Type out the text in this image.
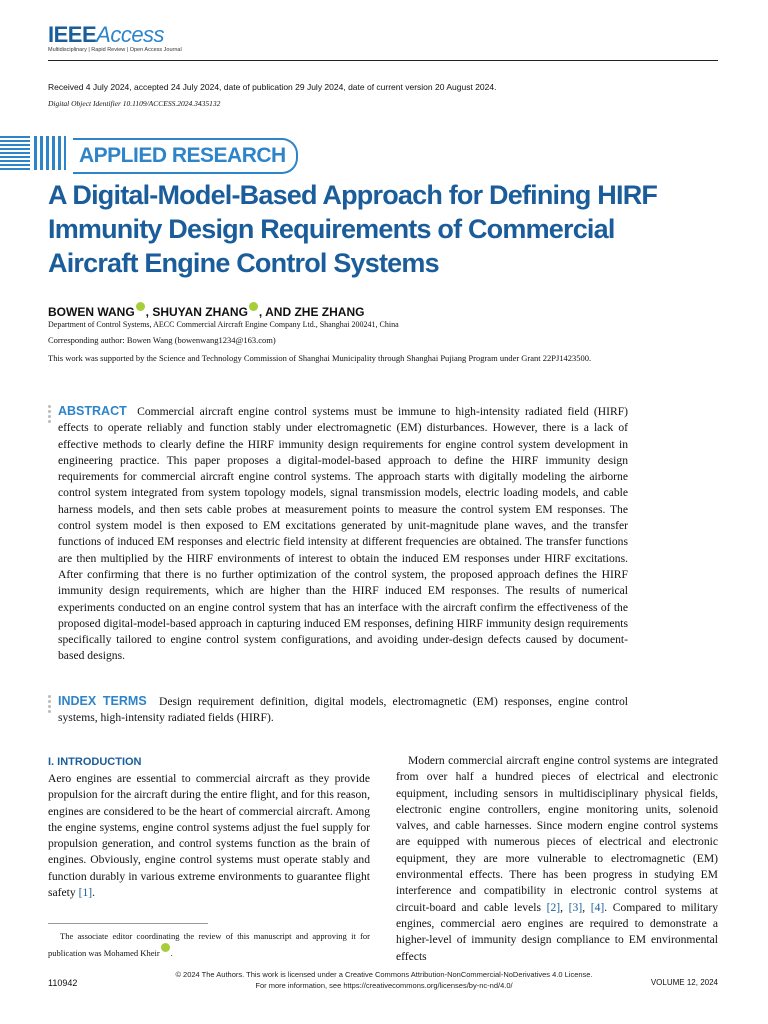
IEEEAccess
Multidisciplinary | Rapid Review | Open Access Journal
Received 4 July 2024, accepted 24 July 2024, date of publication 29 July 2024, date of current version 20 August 2024.
Digital Object Identifier 10.1109/ACCESS.2024.3435132
APPLIED RESEARCH
A Digital-Model-Based Approach for Defining HIRF Immunity Design Requirements of Commercial Aircraft Engine Control Systems
BOWEN WANG , SHUYAN ZHANG , AND ZHE ZHANG
Department of Control Systems, AECC Commercial Aircraft Engine Company Ltd., Shanghai 200241, China
Corresponding author: Bowen Wang (bowenwang1234@163.com)
This work was supported by the Science and Technology Commission of Shanghai Municipality through Shanghai Pujiang Program under Grant 22PJ1423500.
ABSTRACT Commercial aircraft engine control systems must be immune to high-intensity radiated field (HIRF) effects to operate reliably and function stably under electromagnetic (EM) disturbances. However, there is a lack of effective methods to clearly define the HIRF immunity design requirements for engine control system development in engineering practice. This paper proposes a digital-model-based approach to define the HIRF immunity design requirements for commercial aircraft engine control systems. The approach starts with digitally modeling the airborne control system integrated from system topology models, signal transmission models, electric loading models, and cable harness models, and then sets cable probes at measurement points to measure the control system EM responses. The control system model is then exposed to EM excitations generated by unit-magnitude plane waves, and the transfer functions of induced EM responses and electric field intensity at different frequencies are obtained. The transfer functions are then multiplied by the HIRF environments of interest to obtain the induced EM responses under HIRF excitations. After confirming that there is no further optimization of the control system, the proposed approach defines the HIRF immunity design requirements, which are higher than the HIRF induced EM responses. The results of numerical experiments conducted on an engine control system that has an interface with the aircraft confirm the effectiveness of the proposed digital-model-based approach in capturing induced EM responses, defining HIRF immunity design requirements specifically tailored to engine control system configurations, and avoiding under-design defects caused by document-based designs.
INDEX TERMS Design requirement definition, digital models, electromagnetic (EM) responses, engine control systems, high-intensity radiated fields (HIRF).
I. INTRODUCTION
Aero engines are essential to commercial aircraft as they provide propulsion for the aircraft during the entire flight, and for this reason, engines are considered to be the heart of commercial aircraft. Among the engine systems, engine control systems adjust the fuel supply for propulsion generation, and control systems function as the brain of engines. Obviously, engine control systems must operate stably and function durably in various extreme environments to guarantee flight safety [1].
The associate editor coordinating the review of this manuscript and approving it for publication was Mohamed Kheir .
Modern commercial aircraft engine control systems are integrated from over half a hundred pieces of electrical and electronic equipment, including sensors in multidisciplinary physical fields, electronic engine controllers, engine monitoring units, solenoid valves, and cable harnesses. Since modern engine control systems are equipped with numerous pieces of electrical and electronic equipment, they are more vulnerable to electromagnetic (EM) environmental effects. There has been progress in studying EM interference and compatibility in electronic control systems at circuit-board and cable levels [2], [3], [4]. Compared to military engines, commercial aero engines are required to demonstrate a higher-level of immunity design compliance to EM environmental effects
© 2024 The Authors. This work is licensed under a Creative Commons Attribution-NonCommercial-NoDerivatives 4.0 License.
For more information, see https://creativecommons.org/licenses/by-nc-nd/4.0/
110942	VOLUME 12, 2024
